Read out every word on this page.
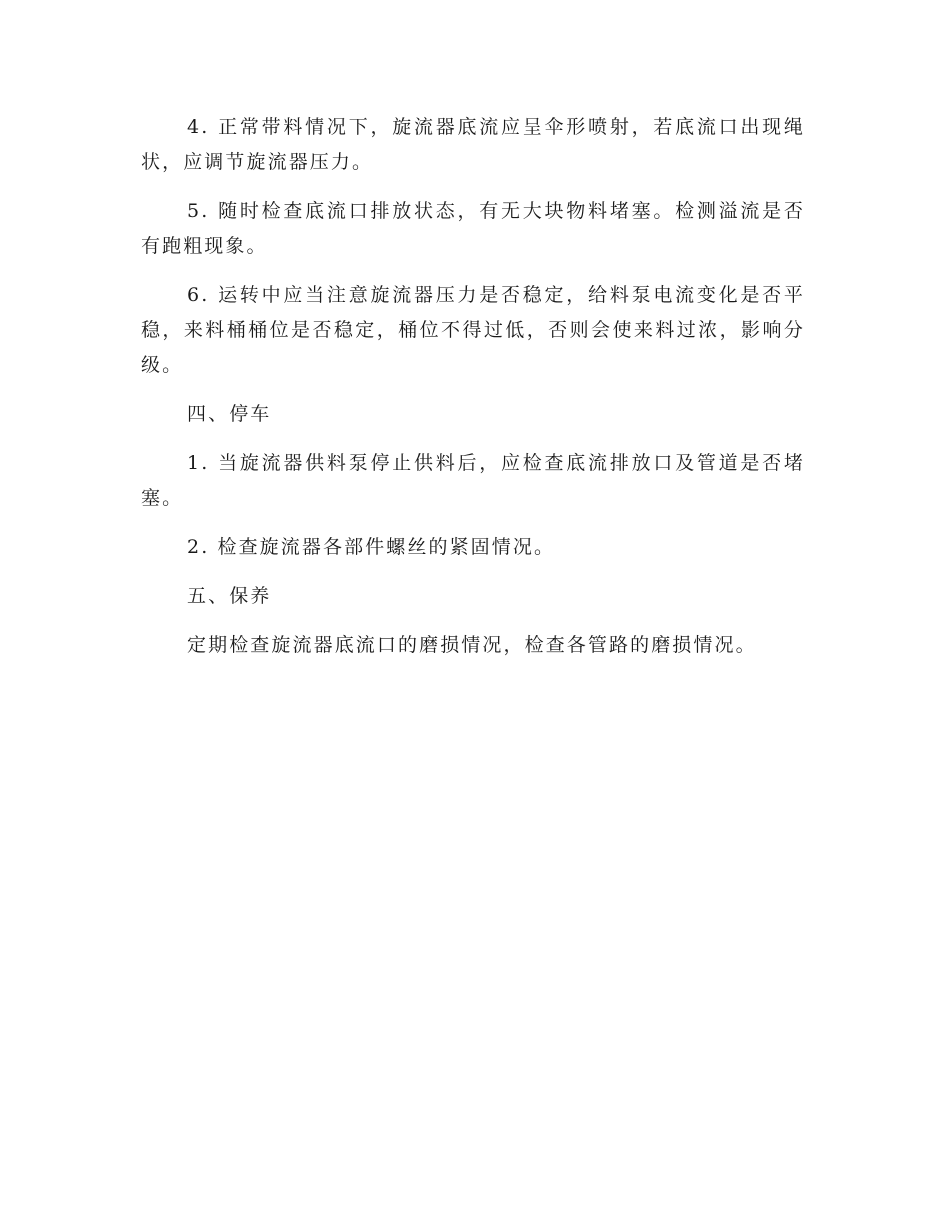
4. 正常带料情况下，旋流器底流应呈伞形喷射，若底流口出现绳状，应调节旋流器压力。

5. 随时检查底流口排放状态，有无大块物料堵塞。检测溢流是否有跑粗现象。

6. 运转中应当注意旋流器压力是否稳定，给料泵电流变化是否平稳，来料桶桶位是否稳定，桶位不得过低，否则会使来料过浓，影响分级。

四、停车

1. 当旋流器供料泵停止供料后，应检查底流排放口及管道是否堵塞。

2. 检查旋流器各部件螺丝的紧固情况。

五、保养

定期检查旋流器底流口的磨损情况，检查各管路的磨损情况。
